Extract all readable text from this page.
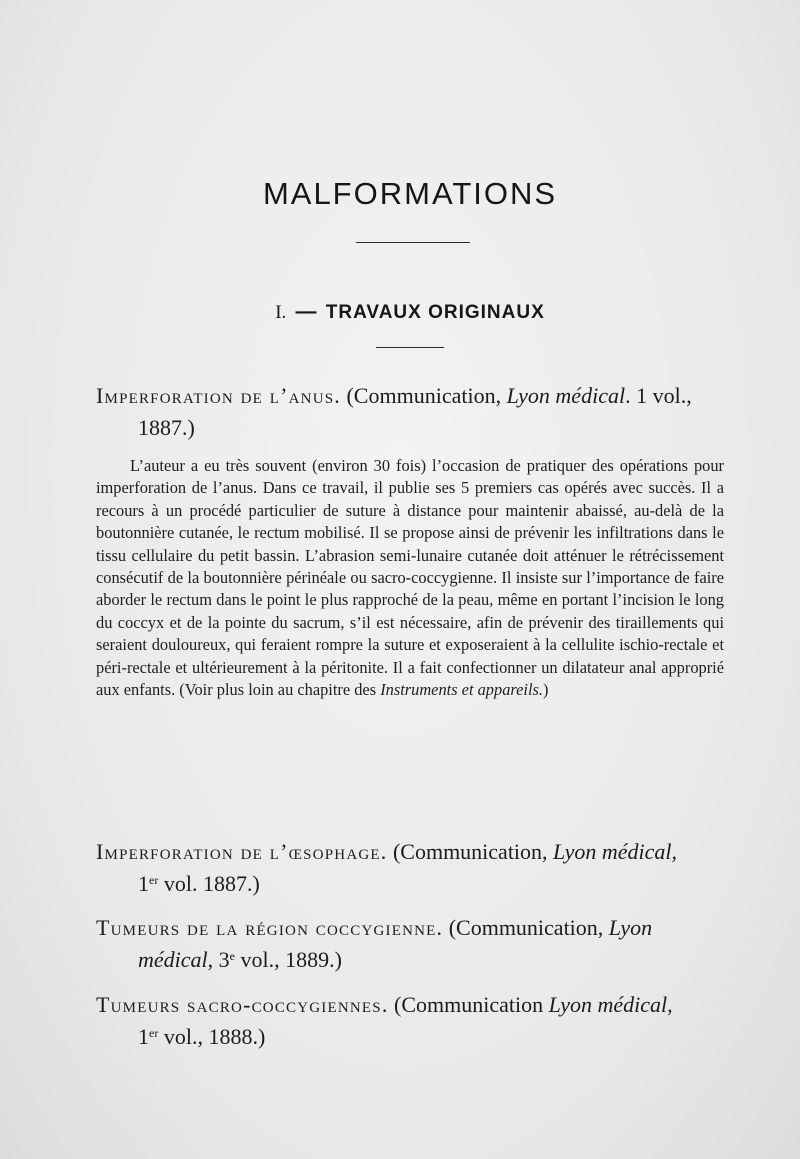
MALFORMATIONS
I. — TRAVAUX ORIGINAUX
Imperforation de l’anus. (Communication, Lyon médical. 1 vol.,
1887.)
L’auteur a eu très souvent (environ 30 fois) l’occasion de pratiquer des opérations pour imperforation de l’anus. Dans ce travail, il publie ses 5 premiers cas opérés avec succès. Il a recours à un procédé particulier de suture à distance pour maintenir abaissé, au-delà de la boutonnière cutanée, le rectum mobilisé. Il se propose ainsi de prévenir les infiltrations dans le tissu cellulaire du petit bassin. L’abrasion semi-lunaire cutanée doit atténuer le rétrécissement consécutif de la boutonnière périnéale ou sacro-coccygienne. Il insiste sur l’importance de faire aborder le rectum dans le point le plus rapproché de la peau, même en portant l’incision le long du coccyx et de la pointe du sacrum, s’il est nécessaire, afin de prévenir des tiraillements qui seraient douloureux, qui feraient rompre la suture et exposeraient à la cellulite ischio-rectale et péri-rectale et ultérieurement à la péritonite. Il a fait confectionner un dilatateur anal approprié aux enfants. (Voir plus loin au chapitre des Instruments et appareils.)
Imperforation de l’œsophage. (Communication, Lyon médical,
1er vol. 1887.)
Tumeurs de la région coccygienne. (Communication, Lyon
médical, 3e vol., 1889.)
Tumeurs sacro-coccygiennes. (Communication Lyon médical,
1er vol., 1888.)
